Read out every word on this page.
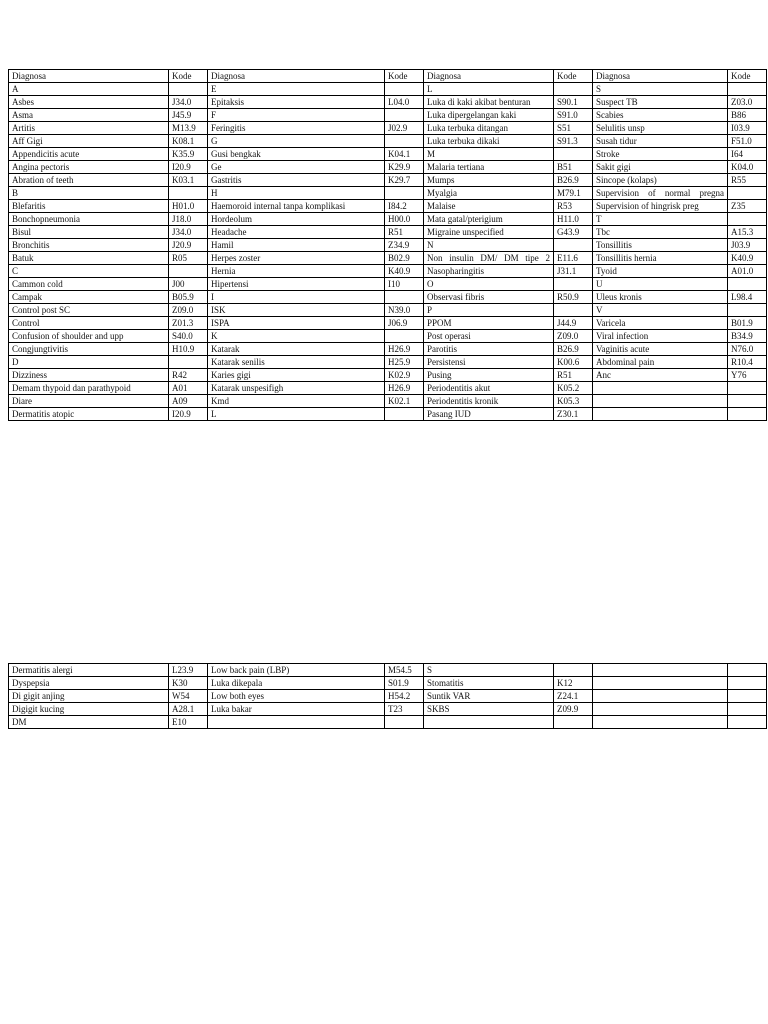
Diagnosa	Kode	Diagnosa	Kode	Diagnosa	Kode	Diagnosa	Kode
A		E		L		S	
Asbes	J34.0	Epitaksis	L04.0	Luka di kaki akibat benturan	S90.1	Suspect TB	Z03.0
Asma	J45.9	F		Luka dipergelangan kaki	S91.0	Scabies	B86
Artitis	M13.9	Feringitis	J02.9	Luka terbuka ditangan	S51	Selulitis unsp	I03.9
Aff Gigi	K08.1	G		Luka terbuka dikaki	S91.3	Susah tidur	F51.0
Appendicitis acute	K35.9	Gusi bengkak	K04.1	M		Stroke	I64
Angina pectoris	I20.9	Ge	K29.9	Malaria tertiana	B51	Sakit gigi	K04.0
Abration of teeth	K03.1	Gastritis	K29.7	Mumps	B26.9	Sincope (kolaps)	R55
B		H		Myalgia	M79.1	Supervision of normal pregna	
Blefaritis	H01.0	Haemoroid internal tanpa komplikasi	I84.2	Malaise	R53	Supervision of hingrisk preg	Z35
Bonchopneumonia	J18.0	Hordeolum	H00.0	Mata gatal/pterigium	H11.0	T	
Bisul	J34.0	Headache	R51	Migraine unspecified	G43.9	Tbc	A15.3
Bronchitis	J20.9	Hamil	Z34.9	N		Tonsillitis	J03.9
Batuk	R05	Herpes zoster	B02.9	Non insulin DM/ DM tipe 2	E11.6	Tonsillitis hernia	K40.9
C		Hernia	K40.9	Nasopharingitis	J31.1	Tyoid	A01.0
Cammon cold	J00	Hipertensi	I10	O		U	
Campak	B05.9	I		Observasi fibris	R50.9	Uleus kronis	L98.4
Control post SC	Z09.0	ISK	N39.0	P		V	
Control	Z01.3	ISPA	J06.9	PPOM	J44.9	Varicela	B01.9
Confusion of shoulder and upp	S40.0	K		Post operasi	Z09.0	Viral infection	B34.9
Congjungtivitis	H10.9	Katarak	H26.9	Parotitis	B26.9	Vaginitis acute	N76.0
D		Katarak senilis	H25.9	Persistensi	K00.6	Abdominal pain	R10.4
Dizziness	R42	Karies gigi	K02.9	Pusing	R51	Anc	Y76
Demam thypoid dan parathypoid	A01	Katarak unspesifigh	H26.9	Periodentitis akut	K05.2		
Diare	A09	Kmd	K02.1	Periodentitis kronik	K05.3		
Dermatitis atopic	I20.9	L		Pasang IUD	Z30.1		
Dermatitis alergi	L23.9	Low back pain (LBP)	M54.5	S			
Dyspepsia	K30	Luka dikepala	S01.9	Stomatitis	K12		
Di gigit anjing	W54	Low both eyes	H54.2	Suntik VAR	Z24.1		
Digigit kucing	A28.1	Luka bakar	T23	SKBS	Z09.9		
DM	E10						
